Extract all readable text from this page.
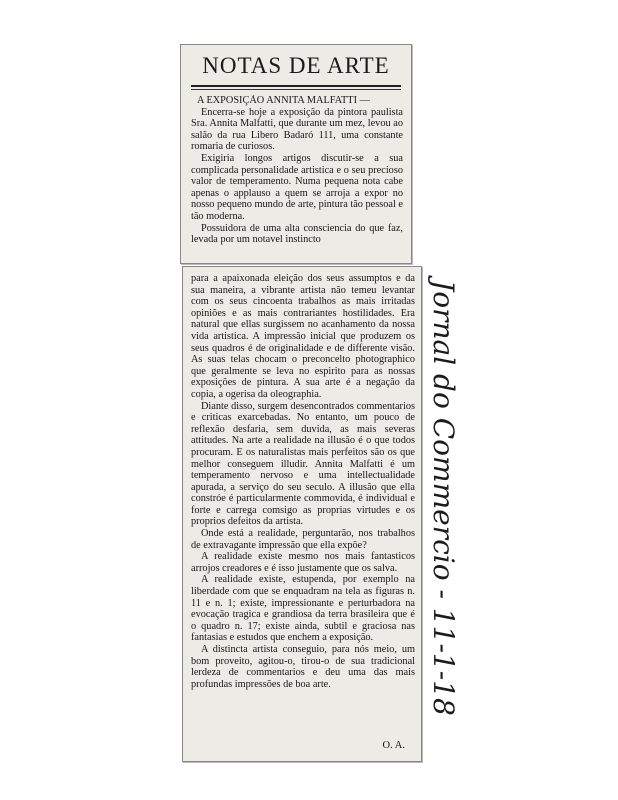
NOTAS DE ARTE

A EXPOSIÇÃO ANNITA MALFATTI —

Encerra-se hoje a exposição da pintora paulista Sra. Annita Malfatti, que durante um mez, levou ao salão da rua Libero Badaró 111, uma constante romaria de curiosos.

Exigiria longos artigos discutir-se a sua complicada personalidade artistica e o seu precioso valor de temperamento. Numa pequena nota cabe apenas o applauso a quem se arroja a expor no nosso pequeno mundo de arte, pintura tão pessoal e tão moderna.

Possuidora de uma alta consciencia do que faz, levada por um notavel instincto

para a apaixonada eleição dos seus assumptos e da sua maneira, a vibrante artista não temeu levantar com os seus cincoenta trabalhos as mais irritadas opiniões e as mais contrariantes hostilidades. Era natural que ellas surgissem no acanhamento da nossa vida artistica. A impressão inicial que produzem os seus quadros é de originalidade e de differente visão. As suas telas chocam o preconcelto photographico que geralmente se leva no espirito para as nossas exposições de pintura. A sua arte é a negação da copia, a ogerisa da oleographia.

Diante disso, surgem desencontrados commentarios e criticas exarcebadas. No entanto, um pouco de reflexão desfaria, sem duvida, as mais severas attitudes. Na arte a realidade na illusão é o que todos procuram. E os naturalistas mais perfeitos são os que melhor conseguem illudir. Annita Malfatti é um temperamento nervoso e uma intellectualidade apurada, a serviço do seu seculo. A illusão que ella constróe é particularmente commovida, é individual e forte e carrega comsigo as proprias virtudes e os proprios defeitos da artista.

Onde está a realidade, perguntarão, nos trabalhos de extravagante impressão que ella expõe?

A realidade existe mesmo nos mais fantasticos arrojos creadores e é isso justamente que os salva.

A realidade existe, estupenda, por exemplo na liberdade com que se enquadram na tela as figuras n. 11 e n. 1; existe, impressionante e perturbadora na evocação tragica e grandiosa da terra brasileira que é o quadro n. 17; existe ainda, subtil e graciosa nas fantasias e estudos que enchem a exposição.

A distincta artista conseguio, para nós meio, um bom proveito, agitou-o, tirou-o de sua tradicional lerdeza de commentarios e deu uma das mais profundas impressões de boa arte.

O. A.
Jornal do Commercio - 11-1-18
